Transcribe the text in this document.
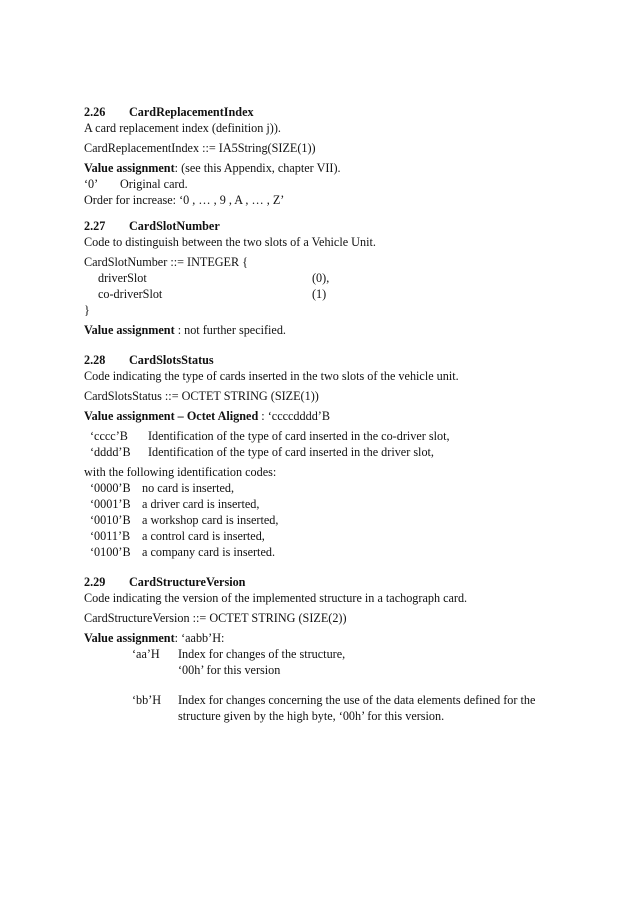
2.26 CardReplacementIndex
A card replacement index (definition j)).
CardReplacementIndex ::= IA5String(SIZE(1))
Value assignment: (see this Appendix, chapter VII).
‘0’	Original card.
Order for increase: ‘0 , … , 9 , A , … , Z’
2.27 CardSlotNumber
Code to distinguish between the two slots of a Vehicle Unit.
CardSlotNumber ::= INTEGER {
driverSlot	(0),
co-driverSlot	(1)
}
Value assignment : not further specified.
2.28 CardSlotsStatus
Code indicating the type of cards inserted in the two slots of the vehicle unit.
CardSlotsStatus ::= OCTET STRING (SIZE(1))
Value assignment – Octet Aligned : ‘ccccdddd’B
‘cccc’B	Identification of the type of card inserted in the co-driver slot,
‘dddd’B	Identification of the type of card inserted in the driver slot,
with the following identification codes:
‘0000’B no card is inserted,
‘0001’B a driver card is inserted,
‘0010’B a workshop card is inserted,
‘0011’B a control card is inserted,
‘0100’B a company card is inserted.
2.29 CardStructureVersion
Code indicating the version of the implemented structure in a tachograph card.
CardStructureVersion ::= OCTET STRING (SIZE(2))
Value assignment: ‘aabb’H:
‘aa’H	Index for changes of the structure,
‘00h’ for this version
‘bb’H	Index for changes concerning the use of the data elements defined for the
structure given by the high byte, ‘00h’ for this version.
